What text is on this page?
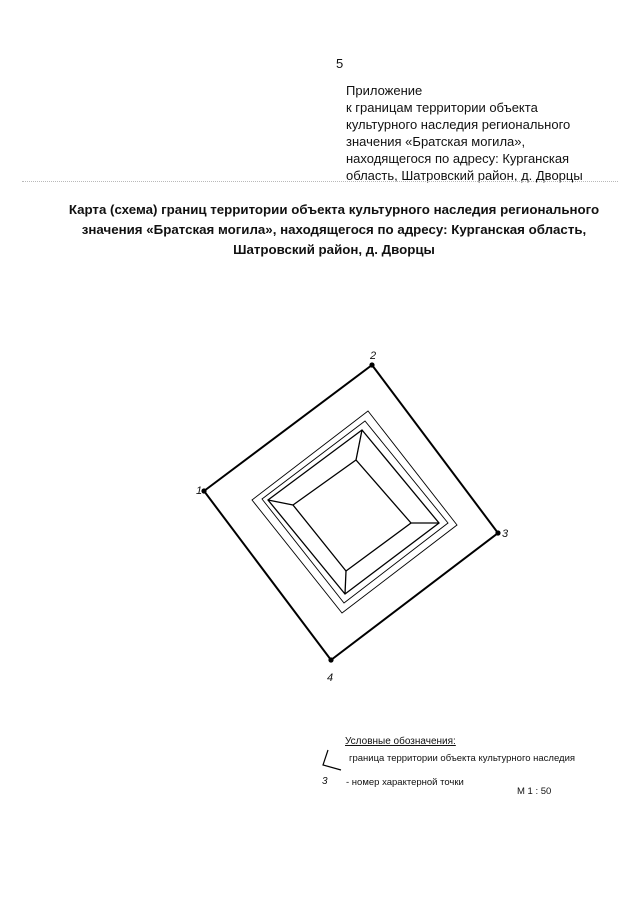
5
Приложение
к границам территории объекта
культурного наследия регионального
значения «Братская могила»,
находящегося по адресу: Курганская
область, Шатровский район, д. Дворцы
Карта (схема) границ территории объекта культурного наследия регионального
значения «Братская могила», находящегося по адресу: Курганская область,
Шатровский район, д. Дворцы
1
2
3
4
Условные обозначения:
граница территории объекта культурного наследия
3 - номер характерной точки
М 1 : 50
